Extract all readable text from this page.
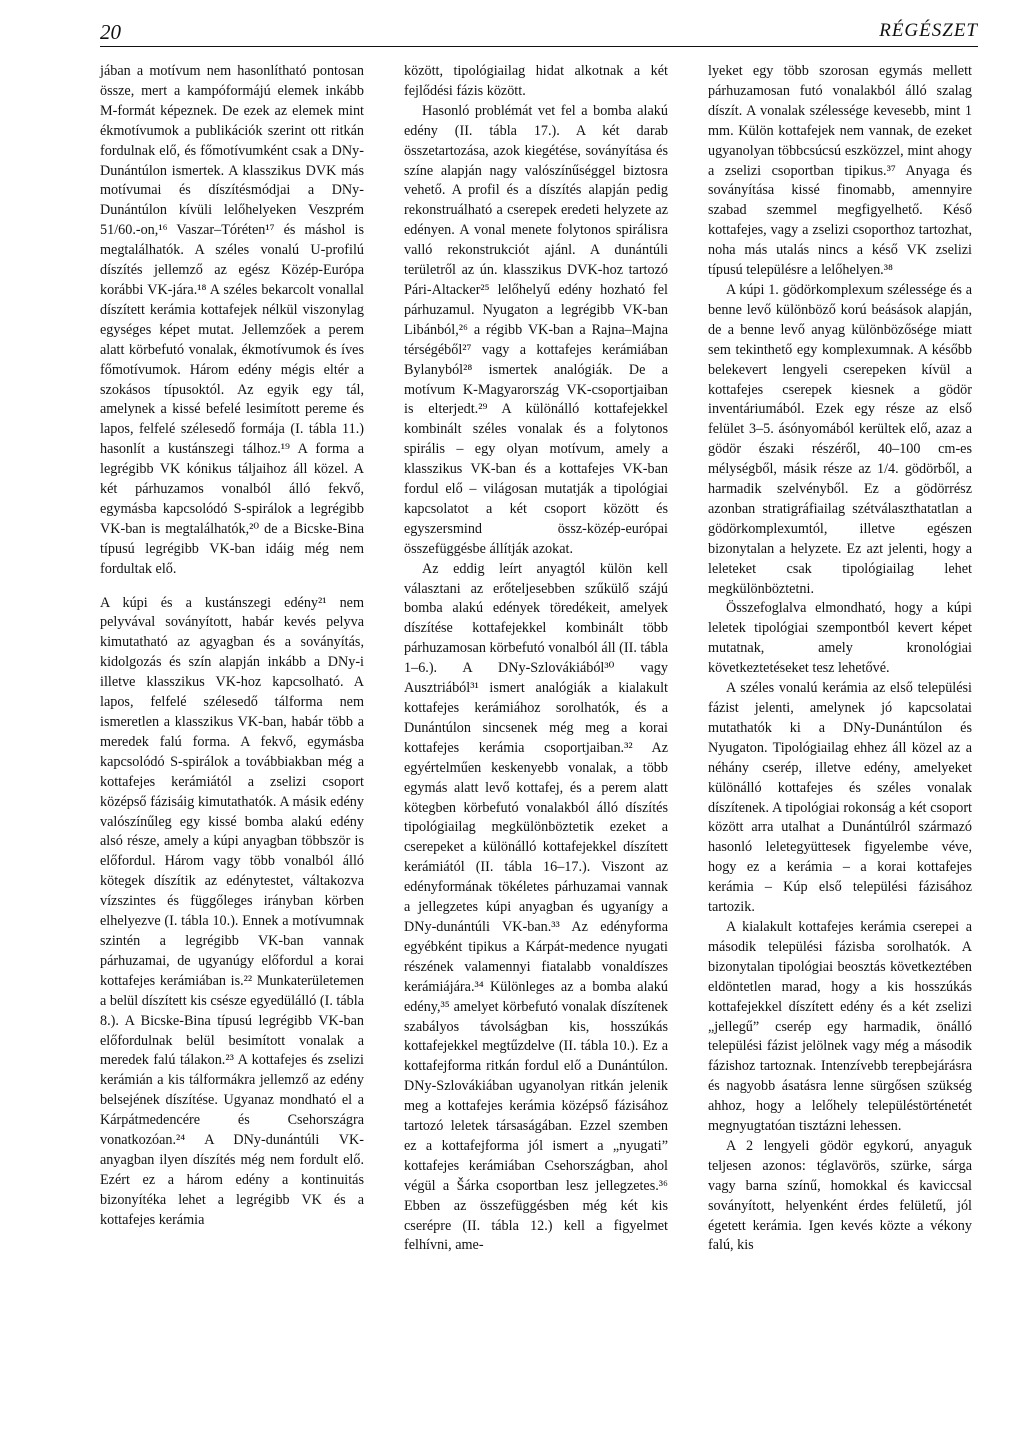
20	RÉGÉSZET

jában a motívum nem hasonlítható pontosan össze, mert a kampóformájú elemek inkább M-formát képeznek. De ezek az elemek mint ékmotívumok a publikációk szerint ott ritkán fordulnak elő, és főmotívumként csak a DNy-Dunántúlon ismertek. A klasszikus DVK más motívumai és díszítésmódjai a DNy-Dunántúlon kívüli lelőhelyeken Veszprém 51/60.-on,¹⁶ Vaszar–Tóréten¹⁷ és máshol is megtalálhatók. A széles vonalú U-profilú díszítés jellemző az egész Közép-Európa korábbi VK-jára.¹⁸ A széles bekarcolt vonallal díszített kerámia kottafejek nélkül viszonylag egységes képet mutat. Jellemzőek a perem alatt körbefutó vonalak, ékmotívumok és íves főmotívumok. Három edény mégis eltér a szokásos típusoktól. Az egyik egy tál, amelynek a kissé befelé lesimított pereme és lapos, felfelé szélesedő formája (I. tábla 11.) hasonlít a kustánszegi tálhoz.¹⁹ A forma a legrégibb VK kónikus táljaihoz áll közel. A két párhuzamos vonalból álló fekvő, egymásba kapcsolódó S-spirálok a legrégibb VK-ban is megtalálhatók,²⁰ de a Bicske-Bina típusú legrégibb VK-ban idáig még nem fordultak elő.

A kúpi és a kustánszegi edény²¹ nem pelyvával soványított, habár kevés pelyva kimutatható az agyagban és a soványítás, kidolgozás és szín alapján inkább a DNy-i illetve klasszikus VK-hoz kapcsolható. A lapos, felfelé szélesedő tálforma nem ismeretlen a klasszikus VK-ban, habár több a meredek falú forma. A fekvő, egymásba kapcsolódó S-spirálok a továbbiakban még a kottafejes kerámiától a zselizi csoport középső fázisáig kimutathatók. A másik edény valószínűleg egy kissé bomba alakú edény alsó része, amely a kúpi anyagban többször is előfordul. Három vagy több vonalból álló kötegek díszítik az edénytestet, váltakozva vízszintes és függőleges irányban körben elhelyezve (I. tábla 10.). Ennek a motívumnak szintén a legrégibb VK-ban vannak párhuzamai, de ugyanúgy előfordul a korai kottafejes kerámiában is.²² Munkaterületemen a belül díszített kis csésze egyedülálló (I. tábla 8.). A Bicske-Bina típusú legrégibb VK-ban előfordulnak belül besimított vonalak a meredek falú tálakon.²³ A kottafejes és zselizi kerámián a kis tálformákra jellemző az edény belsejének díszítése. Ugyanaz mondható el a Kárpátmedencére és Csehországra vonatkozóan.²⁴ A DNy-dunántúli VK-anyagban ilyen díszítés még nem fordult elő. Ezért ez a három edény a kontinuitás bizonyítéka lehet a legrégibb VK és a kottafejes kerámia

között, tipológiailag hidat alkotnak a két fejlődési fázis között.

Hasonló problémát vet fel a bomba alakú edény (II. tábla 17.). A két darab összetartozása, azok kiegétése, soványítása és színe alapján nagy valószínűséggel biztosra vehető. A profil és a díszítés alapján pedig rekonstruálható a cserepek eredeti helyzete az edényen. A vonal menete folytonos spirálisra valló rekonstrukciót ajánl. A dunántúli területről az ún. klasszikus DVK-hoz tartozó Pári-Altacker²⁵ lelőhelyű edény hozható fel párhuzamul. Nyugaton a legrégibb VK-ban Libánból,²⁶ a régibb VK-ban a Rajna–Majna térségéből²⁷ vagy a kottafejes kerámiában Bylanyból²⁸ ismertek analógiák. De a motívum K-Magyarország VK-csoportjaiban is elterjedt.²⁹ A különálló kottafejekkel kombinált széles vonalak és a folytonos spirális – egy olyan motívum, amely a klasszikus VK-ban és a kottafejes VK-ban fordul elő – világosan mutatják a tipológiai kapcsolatot a két csoport között és egyszersmind össz-közép-európai összefüggésbe állítják azokat.

Az eddig leírt anyagtól külön kell választani az erőteljesebben szűkülő szájú bomba alakú edények töredékeit, amelyek díszítése kottafejekkel kombinált több párhuzamosan körbefutó vonalból áll (II. tábla 1–6.). A DNy-Szlovákiából³⁰ vagy Ausztriából³¹ ismert analógiák a kialakult kottafejes kerámiához sorolhatók, és a Dunántúlon sincsenek még meg a korai kottafejes kerámia csoportjaiban.³² Az egyértelműen keskenyebb vonalak, a több egymás alatt levő kottafej, és a perem alatt kötegben körbefutó vonalakból álló díszítés tipológiailag megkülönböztetik ezeket a cserepeket a különálló kottafejekkel díszített kerámiától (II. tábla 16–17.). Viszont az edényformának tökéletes párhuzamai vannak a jellegzetes kúpi anyagban és ugyanígy a DNy-dunántúli VK-ban.³³ Az edényforma egyébként tipikus a Kárpát-medence nyugati részének valamennyi fiatalabb vonaldíszes kerámiájára.³⁴ Különleges az a bomba alakú edény,³⁵ amelyet körbefutó vonalak díszítenek szabályos távolságban kis, hosszúkás kottafejekkel megtűzdelve (II. tábla 10.). Ez a kottafejforma ritkán fordul elő a Dunántúlon. DNy-Szlovákiában ugyanolyan ritkán jelenik meg a kottafejes kerámia középső fázisához tartozó leletek társaságában. Ezzel szemben ez a kottafejforma jól ismert a „nyugati” kottafejes kerámiában Csehországban, ahol végül a Šárka csoportban lesz jellegzetes.³⁶ Ebben az összefüggésben még két kis cserépre (II. tábla 12.) kell a figyelmet felhívni, ame-

lyeket egy több szorosan egymás mellett párhuzamosan futó vonalakból álló szalag díszít. A vonalak szélessége kevesebb, mint 1 mm. Külön kottafejek nem vannak, de ezeket ugyanolyan többcsúcsú eszközzel, mint ahogy a zselizi csoportban tipikus.³⁷ Anyaga és soványítása kissé finomabb, amennyire szabad szemmel megfigyelhető. Késő kottafejes, vagy a zselizi csoporthoz tartozhat, noha más utalás nincs a késő VK zselizi típusú településre a lelőhelyen.³⁸

A kúpi 1. gödörkomplexum szélessége és a benne levő különböző korú beásások alapján, de a benne levő anyag különbözősége miatt sem tekinthető egy komplexumnak. A később belekevert lengyeli cserepeken kívül a kottafejes cserepek kiesnek a gödör inventáriumából. Ezek egy része az első felület 3–5. ásónyomából kerültek elő, azaz a gödör északi részéről, 40–100 cm-es mélységből, másik része az 1/4. gödörből, a harmadik szelvényből. Ez a gödörrész azonban stratigráfiailag szétválaszthatatlan a gödörkomplexumtól, illetve egészen bizonytalan a helyzete. Ez azt jelenti, hogy a leleteket csak tipológiailag lehet megkülönböztetni.

Összefoglalva elmondható, hogy a kúpi leletek tipológiai szempontból kevert képet mutatnak, amely kronológiai következtetéseket tesz lehetővé.

A széles vonalú kerámia az első települési fázist jelenti, amelynek jó kapcsolatai mutathatók ki a DNy-Dunántúlon és Nyugaton. Tipológiailag ehhez áll közel az a néhány cserép, illetve edény, amelyeket különálló kottafejes és széles vonalak díszítenek. A tipológiai rokonság a két csoport között arra utalhat a Dunántúlról származó hasonló leletegyüttesek figyelembe véve, hogy ez a kerámia – a korai kottafejes kerámia – Kúp első települési fázisához tartozik.

A kialakult kottafejes kerámia cserepei a második települési fázisba sorolhatók. A bizonytalan tipológiai beosztás következtében eldöntetlen marad, hogy a kis hosszúkás kottafejekkel díszített edény és a két zselizi „jellegű” cserép egy harmadik, önálló települési fázist jelölnek vagy még a második fázishoz tartoznak. Intenzívebb terepbejárásra és nagyobb ásatásra lenne sürgősen szükség ahhoz, hogy a lelőhely településtörténetét megnyugtatóan tisztázni lehessen.

A 2 lengyeli gödör egykorú, anyaguk teljesen azonos: téglavörös, szürke, sárga vagy barna színű, homokkal és kaviccsal soványított, helyenként érdes felületű, jól égetett kerámia. Igen kevés közte a vékony falú, kis
